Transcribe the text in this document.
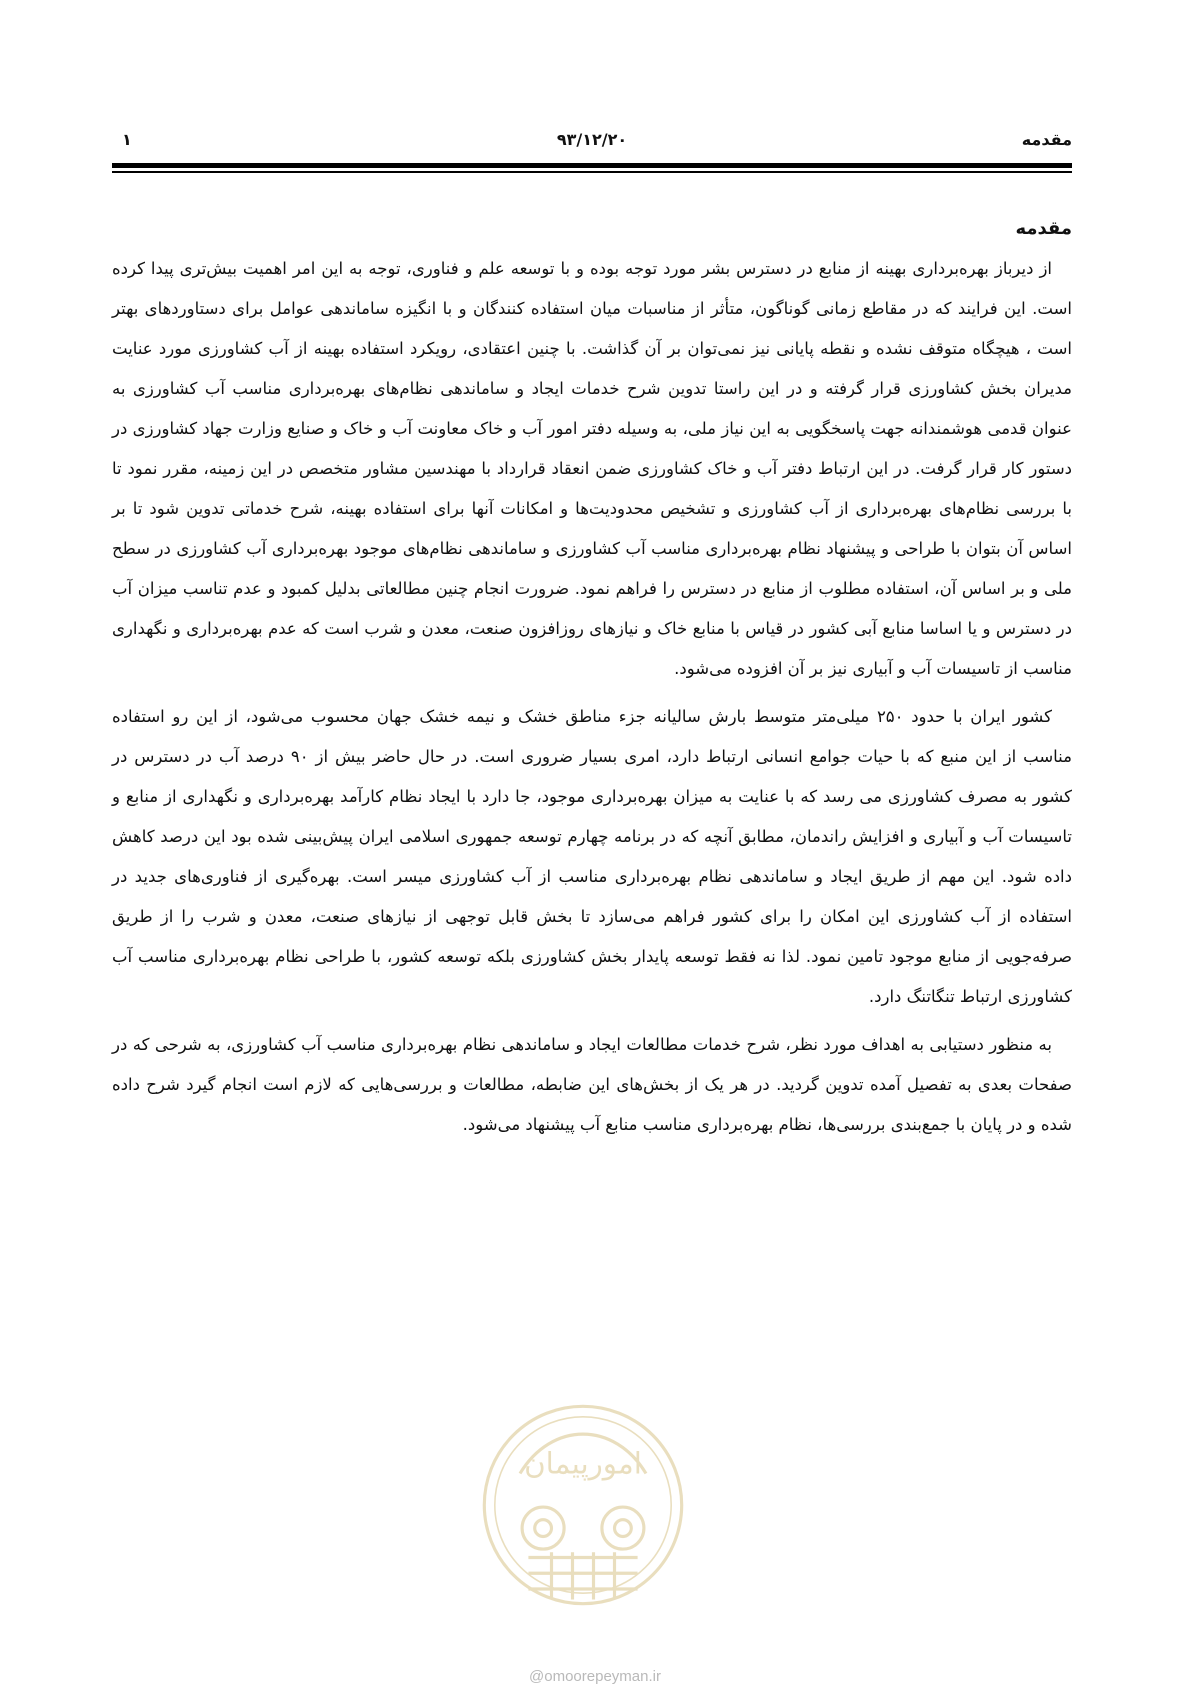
مقدمه
۹۳/۱۲/۲۰
۱
مقدمه

از دیرباز بهره‌برداری بهینه از منابع در دسترس بشر مورد توجه بوده و با توسعه علم و فناوری، توجه به این امر اهمیت بیش‌تری پیدا کرده است. این فرایند که در مقاطع زمانی گوناگون، متأثر از مناسبات میان استفاده کنندگان و با انگیزه ساماندهی عوامل برای دستاوردهای بهتر است ، هیچگاه متوقف نشده و نقطه پایانی نیز نمی‌توان بر آن گذاشت. با چنین اعتقادی، رویکرد استفاده بهینه از آب کشاورزی مورد عنایت مدیران بخش کشاورزی قرار گرفته و در این راستا تدوین شرح خدمات ایجاد و ساماندهی نظام‌های بهره‌برداری مناسب آب کشاورزی به عنوان قدمی هوشمندانه جهت پاسخگویی به این نیاز ملی، به وسیله دفتر امور آب و خاک معاونت آب و خاک و صنایع وزارت جهاد کشاورزی در دستور کار قرار گرفت. در این ارتباط دفتر آب و خاک کشاورزی ضمن انعقاد قرارداد با مهندسین مشاور متخصص در این زمینه، مقرر نمود تا با بررسی نظام‌های بهره‌برداری از آب کشاورزی و تشخیص محدودیت‌ها و امکانات آنها برای استفاده بهینه، شرح خدماتی تدوین شود تا بر اساس آن بتوان با طراحی و پیشنهاد نظام بهره‌برداری مناسب آب کشاورزی و ساماندهی نظام‌های موجود بهره‌برداری آب کشاورزی در سطح ملی و بر اساس آن، استفاده مطلوب از منابع در دسترس را فراهم نمود. ضرورت انجام چنین مطالعاتی بدلیل کمبود و عدم تناسب میزان آب در دسترس و یا اساسا منابع آبی کشور در قیاس با منابع خاک و نیازهای روزافزون صنعت، معدن و شرب است که عدم بهره‌برداری و نگهداری مناسب از تاسیسات آب و آبیاری نیز بر آن افزوده می‌شود.

کشور ایران با حدود ۲۵۰ میلی‌متر متوسط بارش سالیانه جزء مناطق خشک و نیمه خشک جهان محسوب می‌شود، از این رو استفاده مناسب از این منبع که با حیات جوامع انسانی ارتباط دارد، امری بسیار ضروری است. در حال حاضر بیش از ۹۰ درصد آب در دسترس در کشور به مصرف کشاورزی می رسد که با عنایت به میزان بهره‌برداری موجود، جا دارد با ایجاد نظام کارآمد بهره‌برداری و نگهداری از منابع و تاسیسات آب و آبیاری و افزایش راندمان، مطابق آنچه که در برنامه چهارم توسعه جمهوری اسلامی ایران پیش‌بینی شده بود این درصد کاهش داده شود. این مهم از طریق ایجاد و ساماندهی نظام بهره‌برداری مناسب از آب کشاورزی میسر است. بهره‌گیری از فناوری‌های جدید در استفاده از آب کشاورزی این امکان را برای کشور فراهم می‌سازد تا بخش قابل توجهی از نیازهای صنعت، معدن و شرب را از طریق صرفه‌جویی از منابع موجود تامین نمود. لذا نه فقط توسعه پایدار بخش کشاورزی بلکه توسعه کشور، با طراحی نظام بهره‌برداری مناسب آب کشاورزی ارتباط تنگاتنگ دارد.

به منظور دستیابی به اهداف مورد نظر، شرح خدمات مطالعات ایجاد و ساماندهی نظام بهره‌برداری مناسب آب کشاورزی، به شرحی که در صفحات بعدی به تفصیل آمده تدوین گردید. در هر یک از بخش‌های این ضابطه، مطالعات و بررسی‌هایی که لازم است انجام گیرد شرح داده شده و در پایان با جمع‌بندی بررسی‌ها، نظام بهره‌برداری مناسب منابع آب پیشنهاد می‌شود.

امورپیمان
@omoorepeyman.ir
